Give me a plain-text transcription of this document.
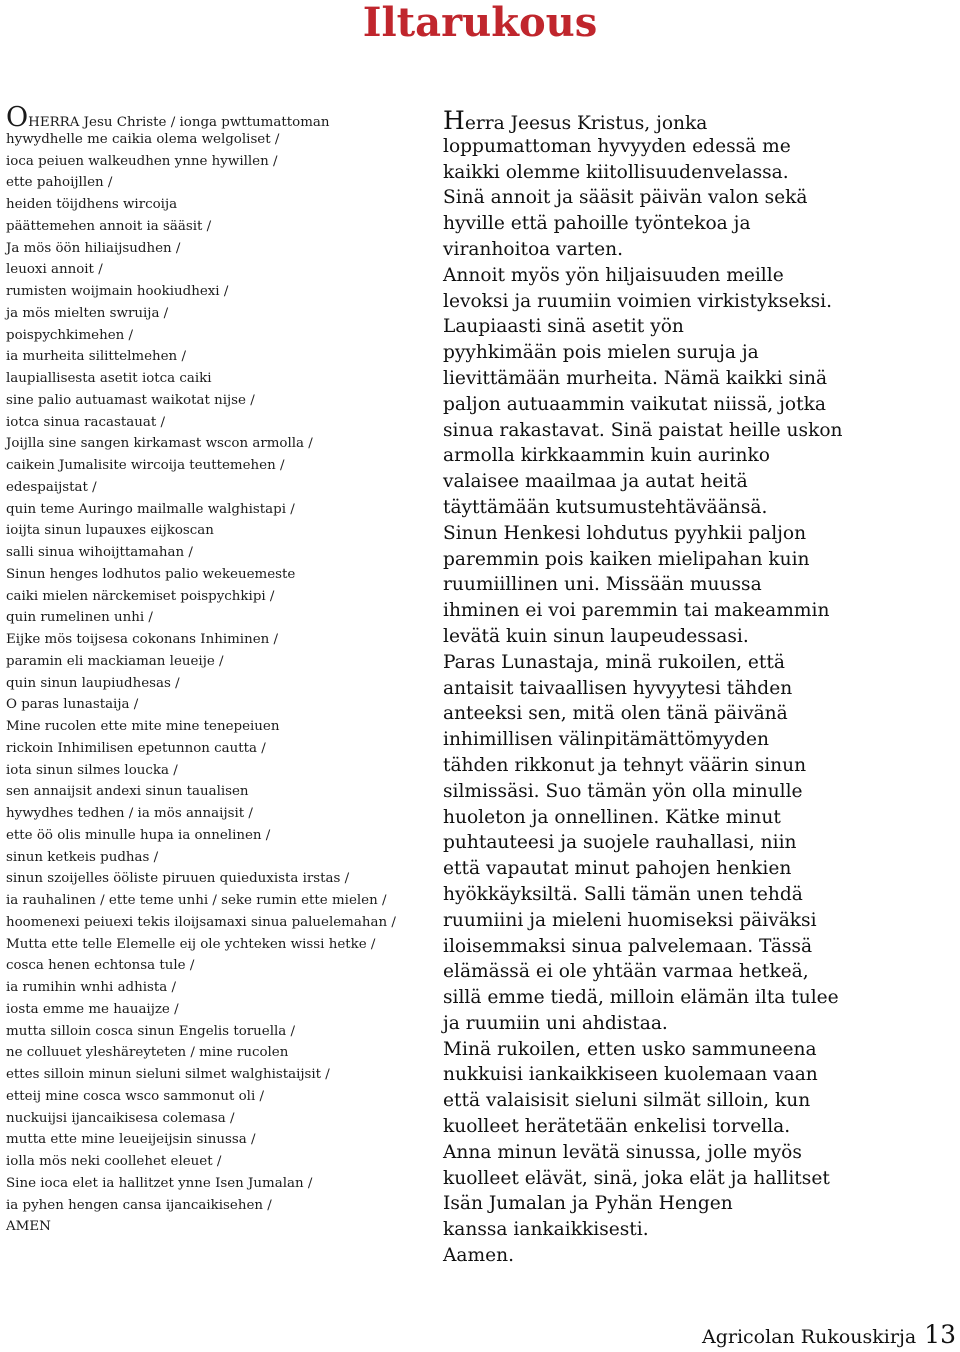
Iltarukous
OHERRA Jesu Christe / ionga pwttumattoman
hywydhelle me caikia olema welgoliset /
ioca peiuen walkeudhen ynne hywillen /
ette pahoijllen /
heiden töijdhens wircoija
päättemehen annoit ia sääsit /
Ja mös öön hiliaijsudhen /
leuoxi annoit /
rumisten woijmain hookiudhexi /
ja mös mielten swruija /
poispychkimehen /
ia murheita silittelmehen /
laupiallisesta asetit iotca caiki
sine palio autuamast waikotat nijse /
iotca sinua racastauat /
Joijlla sine sangen kirkamast wscon armolla /
caikein Jumalisite wircoija teuttemehen /
edespaijstat /
quin teme Auringo mailmalle walghistapi /
ioijta sinun lupauxes eijkoscan
salli sinua wihoijttamahan /
Sinun henges lodhutos palio wekeuemeste
caiki mielen närckemiset poispychkipi /
quin rumelinen unhi /
Eijke mös toijsesa cokonans Inhiminen /
paramin eli mackiaman leueije /
quin sinun laupiudhesas /
O paras lunastaija /
Mine rucolen ette mite mine tenepeiuen
rickoin Inhimilisen epetunnon cautta /
iota sinun silmes loucka /
sen annaijsit andexi sinun taualisen
hywydhes tedhen / ia mös annaijsit /
ette öö olis minulle hupa ia onnelinen /
sinun ketkeis pudhas /
sinun szoijelles ööliste piruuen quieduxista irstas /
ia rauhalinen / ette teme unhi / seke rumin ette mielen /
hoomenexi peiuexi tekis iloijsamaxi sinua paluelemahan /
Mutta ette telle Elemelle eij ole ychteken wissi hetke /
cosca henen echtonsa tule /
ia rumihin wnhi adhista /
iosta emme me hauaijze /
mutta silloin cosca sinun Engelis toruella /
ne colluuet yleshäreyteten / mine rucolen
ettes silloin minun sieluni silmet walghistaijsit /
etteij mine cosca wsco sammonut oli /
nuckuijsi ijancaikisesa colemasa /
mutta ette mine leueijeijsin sinussa /
iolla mös neki coollehet eleuet /
Sine ioca elet ia hallitzet ynne Isen Jumalan /
ia pyhen hengen cansa ijancaikisehen /
AMEN
Herra Jeesus Kristus, jonka
loppumattoman hyvyyden edessä me
kaikki olemme kiitollisuudenvelassa.
Sinä annoit ja sääsit päivän valon sekä
hyville että pahoille työntekoa ja
viranhoitoa varten.
Annoit myös yön hiljaisuuden meille
levoksi ja ruumiin voimien virkistykseksi.
Laupiaasti sinä asetit yön
pyyhkimään pois mielen suruja ja
lievittämään murheita. Nämä kaikki sinä
paljon autuaammin vaikutat niissä, jotka
sinua rakastavat. Sinä paistat heille uskon
armolla kirkkaammin kuin aurinko
valaisee maailmaa ja autat heitä
täyttämään kutsumustehtäväänsä.
Sinun Henkesi lohdutus pyyhkii paljon
paremmin pois kaiken mielipahan kuin
ruumiillinen uni. Missään muussa
ihminen ei voi paremmin tai makeammin
levätä kuin sinun laupeudessasi.
Paras Lunastaja, minä rukoilen, että
antaisit taivaallisen hyvyytesi tähden
anteeksi sen, mitä olen tänä päivänä
inhimillisen välinpitämättömyyden
tähden rikkonut ja tehnyt väärin sinun
silmissäsi. Suo tämän yön olla minulle
huoleton ja onnellinen. Kätke minut
puhtauteesi ja suojele rauhallasi, niin
että vapautat minut pahojen henkien
hyökkäyksiltä. Salli tämän unen tehdä
ruumiini ja mieleni huomiseksi päiväksi
iloisemmaksi sinua palvelemaan. Tässä
elämässä ei ole yhtään varmaa hetkeä,
sillä emme tiedä, milloin elämän ilta tulee
ja ruumiin uni ahdistaa.
Minä rukoilen, etten usko sammuneena
nukkuisi iankaikkiseen kuolemaan vaan
että valaisisit sieluni silmät silloin, kun
kuolleet herätetään enkelisi torvella.
Anna minun levätä sinussa, jolle myös
kuolleet elävät, sinä, joka elät ja hallitset
Isän Jumalan ja Pyhän Hengen
kanssa iankaikkisesti.
Aamen.
Agricolan Rukouskirja 13
